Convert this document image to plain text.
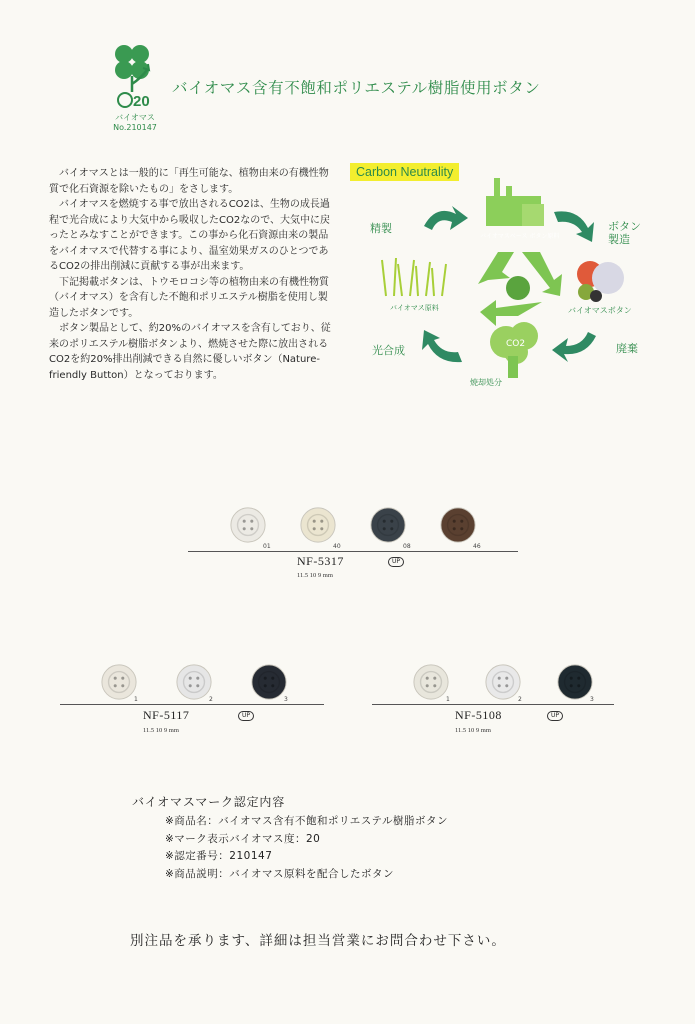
20
バイオマス
No.210147
バイオマス含有不飽和ポリエステル樹脂使用ボタン

　バイオマスとは一般的に「再生可能な、植物由来の有機性物質で化石資源を除いたもの」をさします。

　バイオマスを燃焼する事で放出されるCO2は、生物の成長過程で光合成により大気中から吸収したCO2なので、大気中に戻ったとみなすことができます。この事から化石資源由来の製品をバイオマスで代替する事により、温室効果ガスのひとつであるCO2の排出削減に貢献する事が出来ます。

　下記掲載ボタンは、トウモロコシ等の植物由来の有機性物質（バイオマス）を含有した不飽和ポリエステル樹脂を使用し製造したボタンです。

　ボタン製品として、約20%のバイオマスを含有しており、従来のポリエステル樹脂ボタンより、燃焼させた際に放出されるCO2を約20%排出削減できる自然に優しいボタン（Nature-friendly Button）となっております。

精製
バイオマスベース ボタン原料
ボタン
製造
バイオマスボタン
バイオマス原料
廃棄
光合成
焼却処分
CO2
Carbon Neutrality
01	40	08	46
NF-5317	UP
11.5 10 9 mm
1	2	3
NF-5117	UP
11.5 10 9 mm
1	2	3
NF-5108	UP
11.5 10 9 mm
バイオマスマーク認定内容
※商品名：バイオマス含有不飽和ポリエステル樹脂ボタン
※マーク表示バイオマス度：20
※認定番号：210147
※商品説明：バイオマス原料を配合したボタン
別注品を承ります、詳細は担当営業にお問合わせ下さい。
